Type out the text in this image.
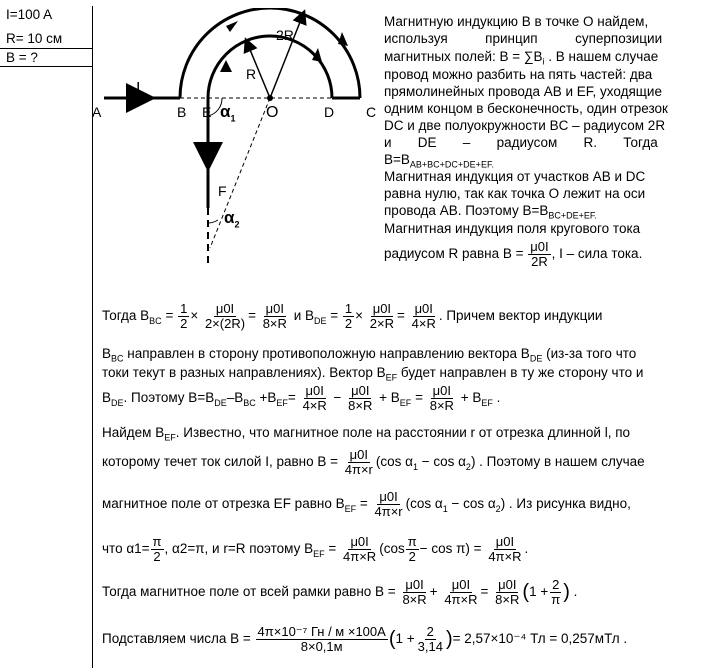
I=100 A
R= 10 см
B = ?
A	B E	O	D C
I
I
F
R
2R
$\alpha_1$
$\alpha_2$
Магнитную индукцию B в точке O найдем,
используя          принцип          суперпозиции
магнитных полей: $B = \sum B_i$ . В нашем случае
провод можно разбить на пять частей: два
прямолинейных провода AB и EF, уходящие
одним концом в бесконечность, один отрезок
DC и две полуокружности BC – радиусом 2R
и       DE       –       радиусом       R.       Тогда
$B=B_{AB+BC+DC+DE+EF.}$
Магнитная индукция от участков AB и DC
равна нулю, так как точка O лежит на оси
провода AB. Поэтому $B=B_{BC+DE+EF.}$
Магнитная индукция поля кругового тока
радиусом R равна $B = \frac{\mu 0I}{2R}$ , I – сила тока.
Тогда $B_{BC} = \frac{1}{2} \times \frac{\mu 0I}{2\times(2R)} = \frac{\mu 0I}{8\times R}$ и $B_{DE} = \frac{1}{2} \times \frac{\mu 0I}{2\times R} = \frac{\mu 0I}{4\times R}$ . Причем вектор индукции
$B_{BC}$ направлен в сторону противоположную направлению вектора $B_{DE}$ (из-за того что
токи текут в разных направлениях). Вектор $B_{EF}$ будет направлен в ту же сторону что и
$B_{DE}$. Поэтому $B=B_{DE}-B_{BC} +B_{EF}= \frac{\mu 0I}{4\times R} - \frac{\mu 0I}{8\times R} + B_{EF} = \frac{\mu 0I}{8\times R} + B_{EF}$ .
Найдем $B_{EF}$. Известно, что магнитное поле на расстоянии r от отрезка длинной l, по
которому течет ток силой I, равно $B = \frac{\mu 0I}{4\pi\times r} (\cos$ $\alpha_1 - \cos \alpha_2$) . Поэтому в нашем случае
магнитное поле от отрезка EF равно $B_{EF} = \frac{\mu 0I}{4\pi\times r} (\cos$ $\alpha_1 - \cos \alpha_2$) . Из рисунка видно,
что $\alpha 1= \frac{\pi}{2}$ , α2=π, и r=R поэтому $B_{EF} = \frac{\mu 0I}{4\pi\times R} (\cos \frac{\pi}{2} - \cos \pi) = \frac{\mu 0I}{4\pi\times R}$ .
Тогда магнитное поле от всей рамки равно $B = \frac{\mu 0I}{8\times R} + \frac{\mu 0I}{4\pi\times R} = \frac{\mu 0I}{8\times R} (1 + \frac{2}{\pi}$ ) .
Подставляем числа $B = \frac{\text{4π×10⁻⁷ Гн / м ×100A}}{8\times 0,1м} (1 + \frac{2}{3,14}$ )= 2,57×10⁻⁴ Тл = 0,257мТл .
